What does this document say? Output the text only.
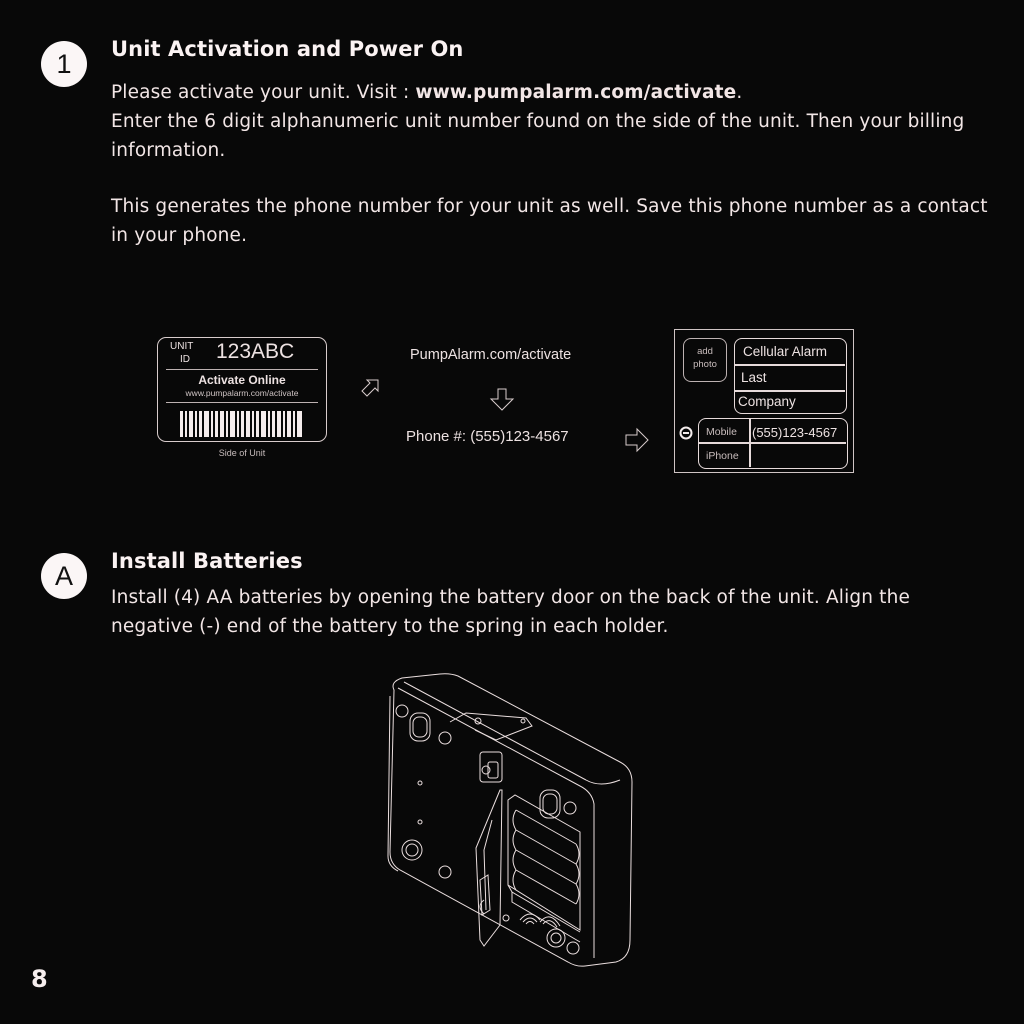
1	Unit Activation and Power On
Please activate your unit. Visit : www.pumpalarm.com/activate.
Enter the 6 digit alphanumeric unit number found on the side of the unit. Then your billing information.
This generates the phone number for your unit as well. Save this phone number as a contact in your phone.
UNIT
ID 123ABC
Activate Online
www.pumpalarm.com/activate
Side of Unit
PumpAlarm.com/activate
Phone #: (555)123-4567
add photo
Cellular Alarm
Last
Company
Mobile (555)123-4567
iPhone
A	Install Batteries
Install (4) AA batteries by opening the battery door on the back of the unit. Align the negative (-) end of the battery to the spring in each holder.
8
